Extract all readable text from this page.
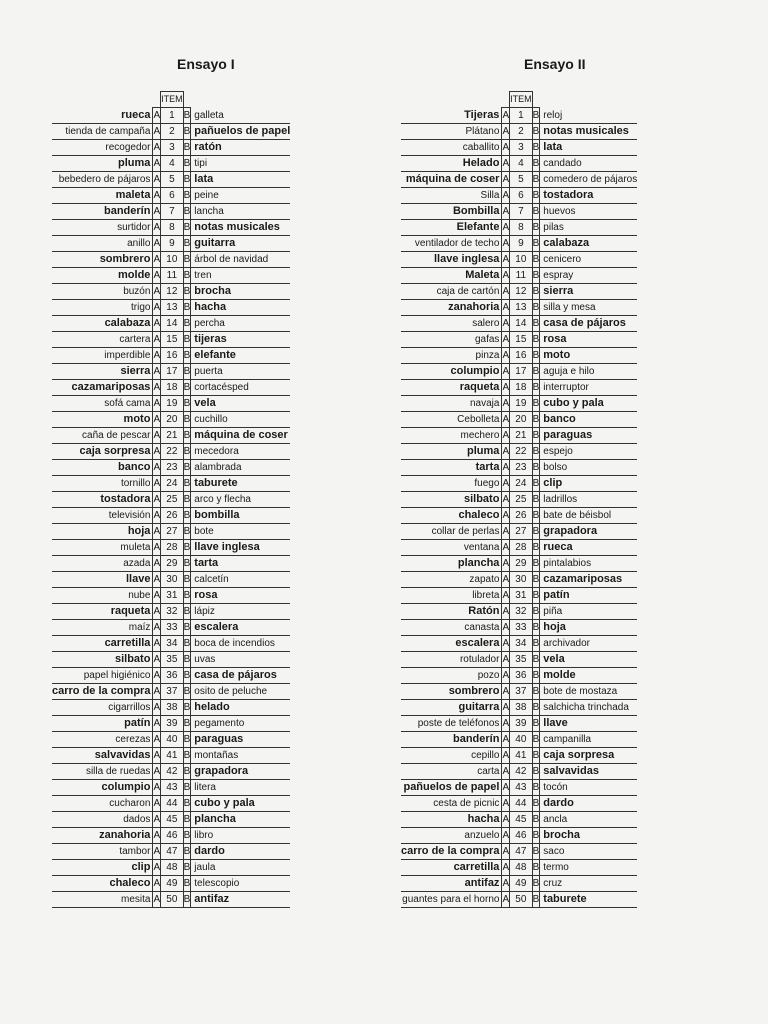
Ensayo I
		ITEM		
rueca	A	1	B	galleta
tienda de campaña	A	2	B	pañuelos de papel
recogedor	A	3	B	ratón
pluma	A	4	B	tipi
bebedero de pájaros	A	5	B	lata
maleta	A	6	B	peine
banderín	A	7	B	lancha
surtidor	A	8	B	notas musicales
anillo	A	9	B	guitarra
sombrero	A	10	B	árbol de navidad
molde	A	11	B	tren
buzón	A	12	B	brocha
trigo	A	13	B	hacha
calabaza	A	14	B	percha
cartera	A	15	B	tijeras
imperdible	A	16	B	elefante
sierra	A	17	B	puerta
cazamariposas	A	18	B	cortacésped
sofá cama	A	19	B	vela
moto	A	20	B	cuchillo
caña de pescar	A	21	B	máquina de coser
caja sorpresa	A	22	B	mecedora
banco	A	23	B	alambrada
tornillo	A	24	B	taburete
tostadora	A	25	B	arco y flecha
televisión	A	26	B	bombilla
hoja	A	27	B	bote
muleta	A	28	B	llave inglesa
azada	A	29	B	tarta
llave	A	30	B	calcetín
nube	A	31	B	rosa
raqueta	A	32	B	lápiz
maíz	A	33	B	escalera
carretilla	A	34	B	boca de incendios
silbato	A	35	B	uvas
papel higiénico	A	36	B	casa de pájaros
carro de la compra	A	37	B	osito de peluche
cigarrillos	A	38	B	helado
patín	A	39	B	pegamento
cerezas	A	40	B	paraguas
salvavidas	A	41	B	montañas
silla de ruedas	A	42	B	grapadora
columpio	A	43	B	litera
cucharon	A	44	B	cubo y pala
dados	A	45	B	plancha
zanahoria	A	46	B	libro
tambor	A	47	B	dardo
clip	A	48	B	jaula
chaleco	A	49	B	telescopio
mesita	A	50	B	antifaz
Ensayo II
		ITEM		
Tijeras	A	1	B	reloj
Plátano	A	2	B	notas musicales
caballito	A	3	B	lata
Helado	A	4	B	candado
máquina de coser	A	5	B	comedero de pájaros
Silla	A	6	B	tostadora
Bombilla	A	7	B	huevos
Elefante	A	8	B	pilas
ventilador de techo	A	9	B	calabaza
llave inglesa	A	10	B	cenicero
Maleta	A	11	B	espray
caja de cartón	A	12	B	sierra
zanahoria	A	13	B	silla y mesa
salero	A	14	B	casa de pájaros
gafas	A	15	B	rosa
pinza	A	16	B	moto
columpio	A	17	B	aguja e hilo
raqueta	A	18	B	interruptor
navaja	A	19	B	cubo y pala
Cebolleta	A	20	B	banco
mechero	A	21	B	paraguas
pluma	A	22	B	espejo
tarta	A	23	B	bolso
fuego	A	24	B	clip
silbato	A	25	B	ladrillos
chaleco	A	26	B	bate de béisbol
collar de perlas	A	27	B	grapadora
ventana	A	28	B	rueca
plancha	A	29	B	pintalabios
zapato	A	30	B	cazamariposas
libreta	A	31	B	patín
Ratón	A	32	B	piña
canasta	A	33	B	hoja
escalera	A	34	B	archivador
rotulador	A	35	B	vela
pozo	A	36	B	molde
sombrero	A	37	B	bote de mostaza
guitarra	A	38	B	salchicha trinchada
poste de teléfonos	A	39	B	llave
banderín	A	40	B	campanilla
cepillo	A	41	B	caja sorpresa
carta	A	42	B	salvavidas
pañuelos de papel	A	43	B	tocón
cesta de picnic	A	44	B	dardo
hacha	A	45	B	ancla
anzuelo	A	46	B	brocha
carro de la compra	A	47	B	saco
carretilla	A	48	B	termo
antifaz	A	49	B	cruz
guantes para el horno	A	50	B	taburete
